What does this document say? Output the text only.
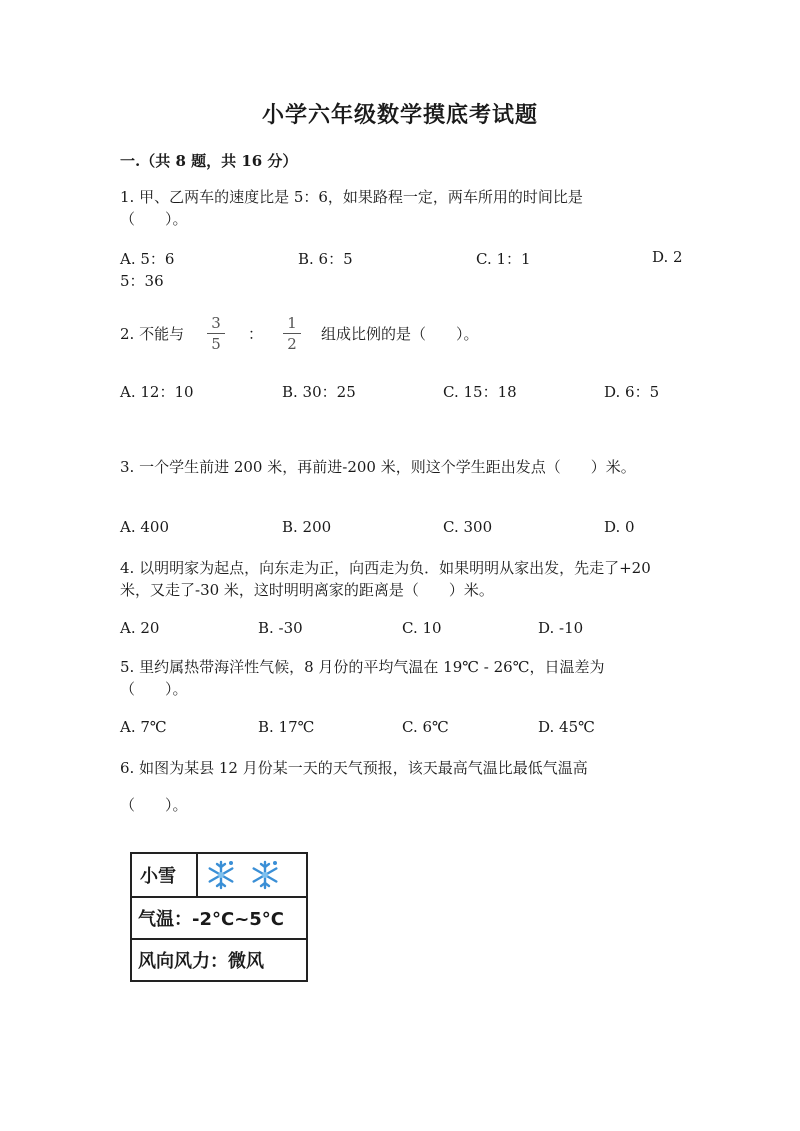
小学六年级数学摸底考试题
一.（共 8 题，共 16 分）
1. 甲、乙两车的速度比是 5：6，如果路程一定，两车所用的时间比是
（　　）。
A. 5：6	B. 6：5	C. 1：1	D. 2
5：36
2. 不能与
3
5
：
1
2
组成比例的是（　　）。
A. 12：10	B. 30：25	C. 15：18	D. 6：5
3. 一个学生前进 200 米，再前进-200 米，则这个学生距出发点（　　）米。
A. 400	B. 200	C. 300	D. 0
4. 以明明家为起点，向东走为正，向西走为负．如果明明从家出发，先走了+20
米，又走了-30 米，这时明明离家的距离是（　　）米。
A. 20	B. -30	C. 10	D. -10
5. 里约属热带海洋性气候，8 月份的平均气温在 19℃ - 26℃，日温差为
（　　）。
A. 7℃	B. 17℃	C. 6℃	D. 45℃
6. 如图为某县 12 月份某一天的天气预报，该天最高气温比最低气温高
（　　）。
小雪
气温：-2°C~5°C
风向风力：微风
